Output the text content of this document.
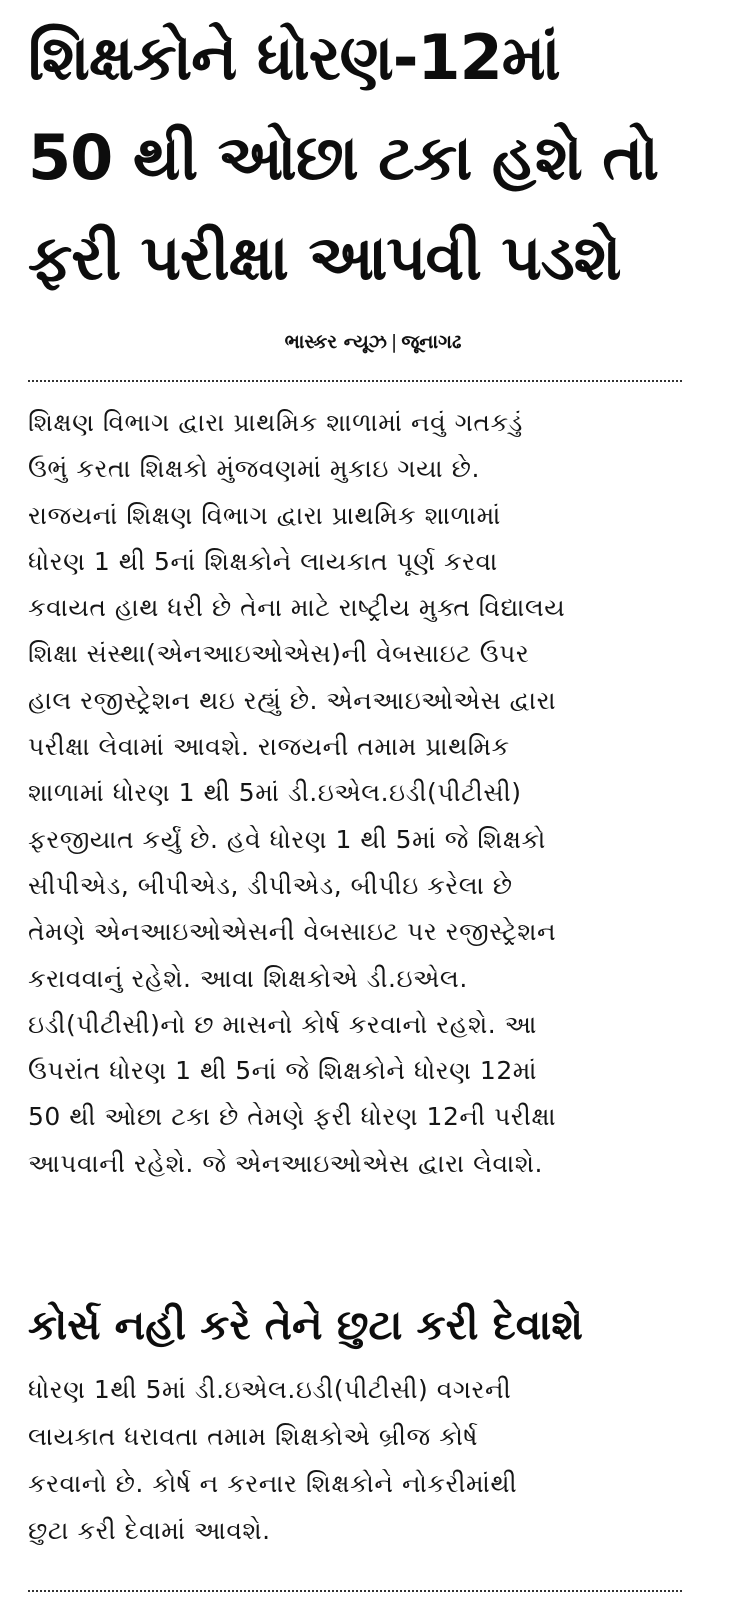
શિક્ષકોને ધોરણ-12માં
50 થી ઓછા ટકા હશે તો
ફરી પરીક્ષા આપવી પડશે
ભાસ્કર ન્યૂઝ | જૂનાગઢ
શિક્ષણ વિભાગ દ્વારા પ્રાથમિક શાળામાં નવું ગતકડું
ઉભું કરતા શિક્ષકો મુંજવણમાં મુકાઇ ગયા છે.
રાજયનાં શિક્ષણ વિભાગ દ્વારા પ્રાથમિક શાળામાં
ધોરણ 1 થી 5નાં શિક્ષકોને લાયકાત પૂર્ણ કરવા
કવાયત હાથ ધરી છે તેના માટે રાષ્ટ્રીય મુક્ત વિદ્યાલય
શિક્ષા સંસ્થા(એનઆઇઓએસ)ની વેબસાઇટ ઉપર
હાલ રજીસ્ટ્રેશન થઇ રહ્યું છે. એનઆઇઓએસ દ્વારા
પરીક્ષા લેવામાં આવશે. રાજયની તમામ પ્રાથમિક
શાળામાં ધોરણ 1 થી 5માં ડી.ઇએલ.ઇડી(પીટીસી)
ફરજીયાત કર્યું છે. હવે ધોરણ 1 થી 5માં જે શિક્ષકો
સીપીએડ, બીપીએડ, ડીપીએડ, બીપીઇ કરેલા છે
તેમણે એનઆઇઓએસની વેબસાઇટ પર રજીસ્ટ્રેશન
કરાવવાનું રહેશે. આવા શિક્ષકોએ ડી.ઇએલ.
ઇડી(પીટીસી)નો છ માસનો કોર્ષ કરવાનો રહશે. આ
ઉપરાંત ધોરણ 1 થી 5નાં જે શિક્ષકોને ધોરણ 12માં
50 થી ઓછા ટકા છે તેમણે ફરી ધોરણ 12ની પરીક્ષા
આપવાની રહેશે. જે એનઆઇઓએસ દ્વારા લેવાશે.
કોર્સ નહી કરે તેને છુટા કરી દેવાશે
ધોરણ 1થી 5માં ડી.ઇએલ.ઇડી(પીટીસી) વગરની
લાયકાત ધરાવતા તમામ શિક્ષકોએ બ્રીજ કોર્ષ
કરવાનો છે. કોર્ષ ન કરનાર શિક્ષકોને નોકરીમાંથી
છુટા કરી દેવામાં આવશે.
